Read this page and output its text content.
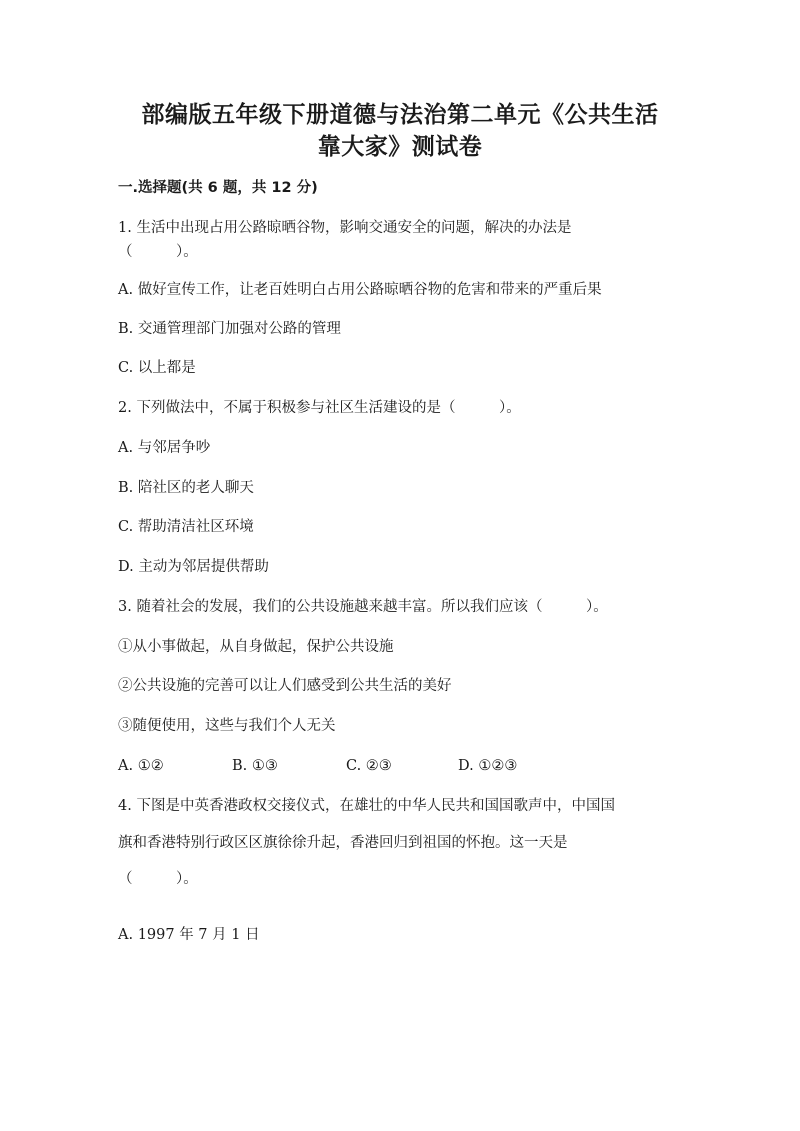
部编版五年级下册道德与法治第二单元《公共生活
靠大家》测试卷
一.选择题(共 6 题，共 12 分)
1. 生活中出现占用公路晾晒谷物，影响交通安全的问题，解决的办法是
（　　　）。
A. 做好宣传工作，让老百姓明白占用公路晾晒谷物的危害和带来的严重后果
B. 交通管理部门加强对公路的管理
C. 以上都是
2. 下列做法中，不属于积极参与社区生活建设的是（　　　）。
A. 与邻居争吵
B. 陪社区的老人聊天
C. 帮助清洁社区环境
D. 主动为邻居提供帮助
3. 随着社会的发展，我们的公共设施越来越丰富。所以我们应该（　　　）。
①从小事做起，从自身做起，保护公共设施
②公共设施的完善可以让人们感受到公共生活的美好
③随便使用，这些与我们个人无关
A. ①②	B. ①③	C. ②③	D. ①②③
4. 下图是中英香港政权交接仪式，在雄壮的中华人民共和国国歌声中，中国国
旗和香港特别行政区区旗徐徐升起，香港回归到祖国的怀抱。这一天是
（　　　）。
A. 1997 年 7 月 1 日
